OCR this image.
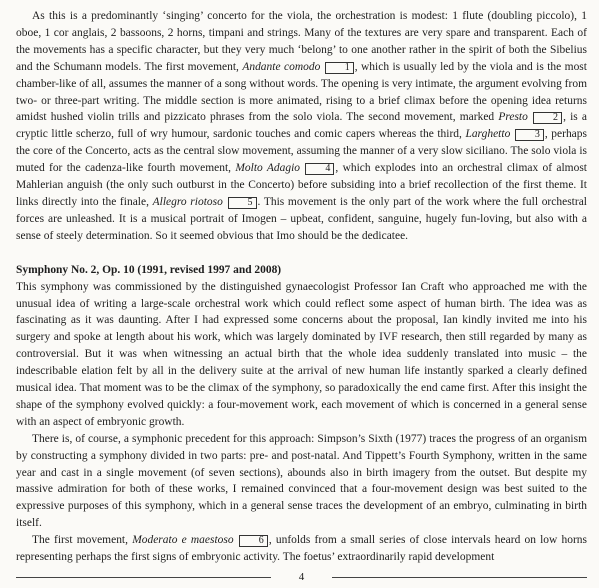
As this is a predominantly ‘singing’ concerto for the viola, the orchestration is modest: 1 flute (doubling piccolo), 1 oboe, 1 cor anglais, 2 bassoons, 2 horns, timpani and strings. Many of the textures are very spare and transparent. Each of the movements has a specific character, but they very much ‘belong’ to one another rather in the spirit of both the Sibelius and the Schumann models. The first movement, Andante comodo 1 , which is usually led by the viola and is the most chamber-like of all, assumes the manner of a song without words. The opening is very intimate, the argument evolving from two- or three-part writing. The middle section is more animated, rising to a brief climax before the opening idea returns amidst hushed violin trills and pizzicato phrases from the solo viola. The second movement, marked Presto	2 , is a cryptic little scherzo, full of wry humour, sardonic touches and comic capers whereas the third, Larghetto 3 , perhaps the core of the Concerto, acts as the central slow movement, assuming the manner of a very slow siciliano. The solo viola is muted for the cadenza-like fourth movement, Molto Adagio	4 , which explodes into an orchestral climax of almost Mahlerian anguish (the only such outburst in the Concerto) before subsiding into a brief recollection of the first theme. It links directly into the finale, Allegro riotoso 5 . This movement is the only part of the work where the full orchestral forces are unleashed. It is a musical portrait of Imogen – upbeat, confident, sanguine, hugely fun-loving, but also with a sense of steely determination. So it seemed obvious that Imo should be the dedicatee.

Symphony No. 2, Op. 10 (1991, revised 1997 and 2008)

This symphony was commissioned by the distinguished gynaecologist Professor Ian Craft who approached me with the unusual idea of writing a large-scale orchestral work which could reflect some aspect of human birth. The idea was as fascinating as it was daunting. After I had expressed some concerns about the proposal, Ian kindly invited me into his surgery and spoke at length about his work, which was largely dominated by IVF research, then still regarded by many as controversial. But it was when witnessing an actual birth that the whole idea suddenly translated into music – the indescribable elation felt by all in the delivery suite at the arrival of new human life instantly sparked a clearly defined musical idea. That moment was to be the climax of the symphony, so paradoxically the end came first. After this insight the shape of the symphony evolved quickly: a four-movement work, each movement of which is concerned in a general sense with an aspect of embryonic growth.

There is, of course, a symphonic precedent for this approach: Simpson’s Sixth (1977) traces the progress of an organism by constructing a symphony divided in two parts: pre- and post-natal. And Tippett’s Fourth Symphony, written in the same year and cast in a single movement (of seven sections), abounds also in birth imagery from the outset. But despite my massive admiration for both of these works, I remained convinced that a four-movement design was best suited to the expressive purposes of this symphony, which in a general sense traces the development of an embryo, culminating in birth itself.

The first movement, Moderato e maestoso	6 , unfolds from a small series of close intervals heard on low horns representing perhaps the first signs of embryonic activity. The foetus’ extraordinarily rapid development

4
